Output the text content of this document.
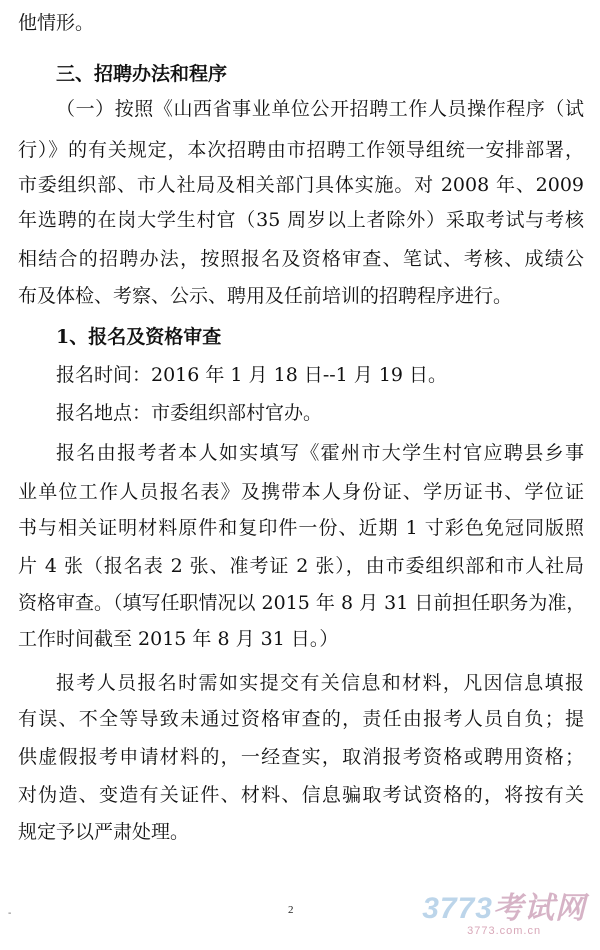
他情形。
三、招聘办法和程序
（一）按照《山西省事业单位公开招聘工作人员操作程序（试
行）》的有关规定，本次招聘由市招聘工作领导组统一安排部署，
市委组织部、市人社局及相关部门具体实施。对 2008 年、2009
年选聘的在岗大学生村官（35 周岁以上者除外）采取考试与考核
相结合的招聘办法，按照报名及资格审查、笔试、考核、成绩公
布及体检、考察、公示、聘用及任前培训的招聘程序进行。
1、报名及资格审查
报名时间：2016 年 1 月 18 日--1 月 19 日。
报名地点：市委组织部村官办。
报名由报考者本人如实填写《霍州市大学生村官应聘县乡事
业单位工作人员报名表》及携带本人身份证、学历证书、学位证
书与相关证明材料原件和复印件一份、近期 1 寸彩色免冠同版照
片 4 张（报名表 2 张、准考证 2 张），由市委组织部和市人社局
资格审查。（填写任职情况以 2015 年 8 月 31 日前担任职务为准，
工作时间截至 2015 年 8 月 31 日。）
报考人员报名时需如实提交有关信息和材料，凡因信息填报
有误、不全等导致未通过资格审查的，责任由报考人员自负；提
供虚假报考申请材料的，一经查实，取消报考资格或聘用资格；
对伪造、变造有关证件、材料、信息骗取考试资格的，将按有关
规定予以严肃处理。
-	2	3773考试网
3773.com.cn
